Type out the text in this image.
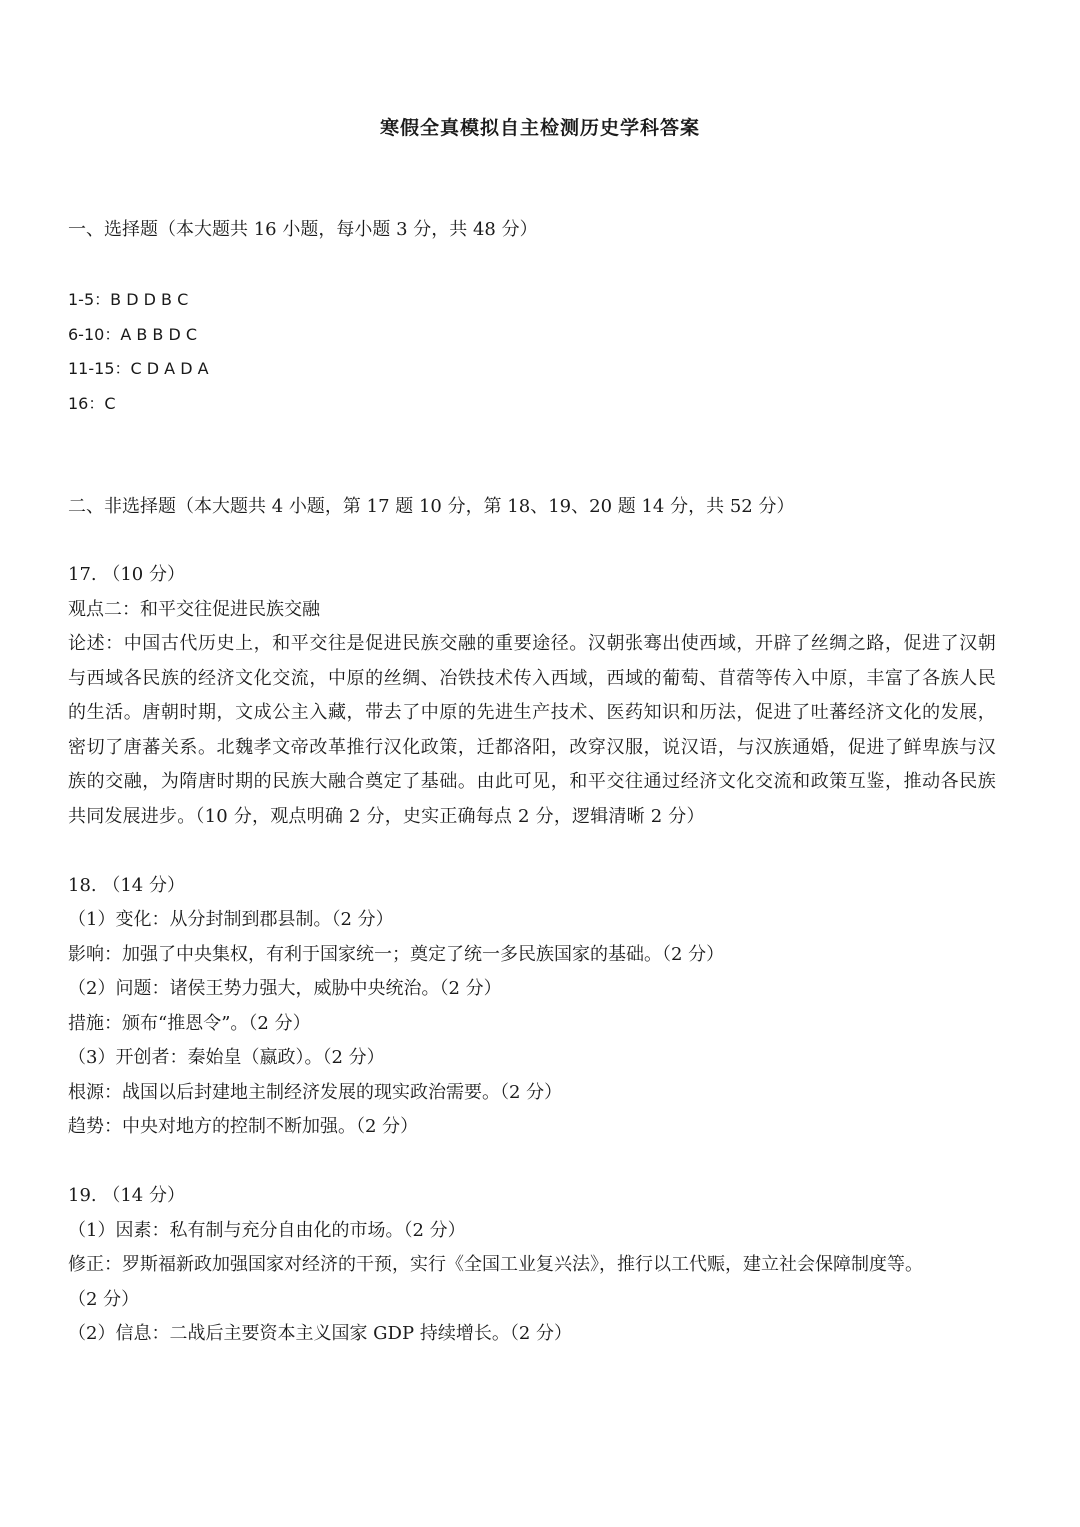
寒假全真模拟自主检测历史学科答案
一、选择题（本大题共 16 小题，每小题 3 分，共 48 分）
1-5：B D D B C
6-10：A B B D C
11-15：C D A D A
16：C
二、非选择题（本大题共 4 小题，第 17 题 10 分，第 18、19、20 题 14 分，共 52 分）
17. （10 分）
观点二：和平交往促进民族交融
论述：中国古代历史上，和平交往是促进民族交融的重要途径。汉朝张骞出使西域，开辟了丝绸之路，促进了汉朝与西域各民族的经济文化交流，中原的丝绸、冶铁技术传入西域，西域的葡萄、苜蓿等传入中原，丰富了各族人民的生活。唐朝时期，文成公主入藏，带去了中原的先进生产技术、医药知识和历法，促进了吐蕃经济文化的发展，密切了唐蕃关系。北魏孝文帝改革推行汉化政策，迁都洛阳，改穿汉服，说汉语，与汉族通婚，促进了鲜卑族与汉族的交融，为隋唐时期的民族大融合奠定了基础。由此可见，和平交往通过经济文化交流和政策互鉴，推动各民族共同发展进步。（10 分，观点明确 2 分，史实正确每点 2 分，逻辑清晰 2 分）
18. （14 分）
（1）变化：从分封制到郡县制。（2 分）
影响：加强了中央集权，有利于国家统一；奠定了统一多民族国家的基础。（2 分）
（2）问题：诸侯王势力强大，威胁中央统治。（2 分）
措施：颁布“推恩令”。（2 分）
（3）开创者：秦始皇（嬴政）。（2 分）
根源：战国以后封建地主制经济发展的现实政治需要。（2 分）
趋势：中央对地方的控制不断加强。（2 分）
19. （14 分）
（1）因素：私有制与充分自由化的市场。（2 分）
修正：罗斯福新政加强国家对经济的干预，实行《全国工业复兴法》，推行以工代赈，建立社会保障制度等。
（2 分）
（2）信息：二战后主要资本主义国家 GDP 持续增长。（2 分）
